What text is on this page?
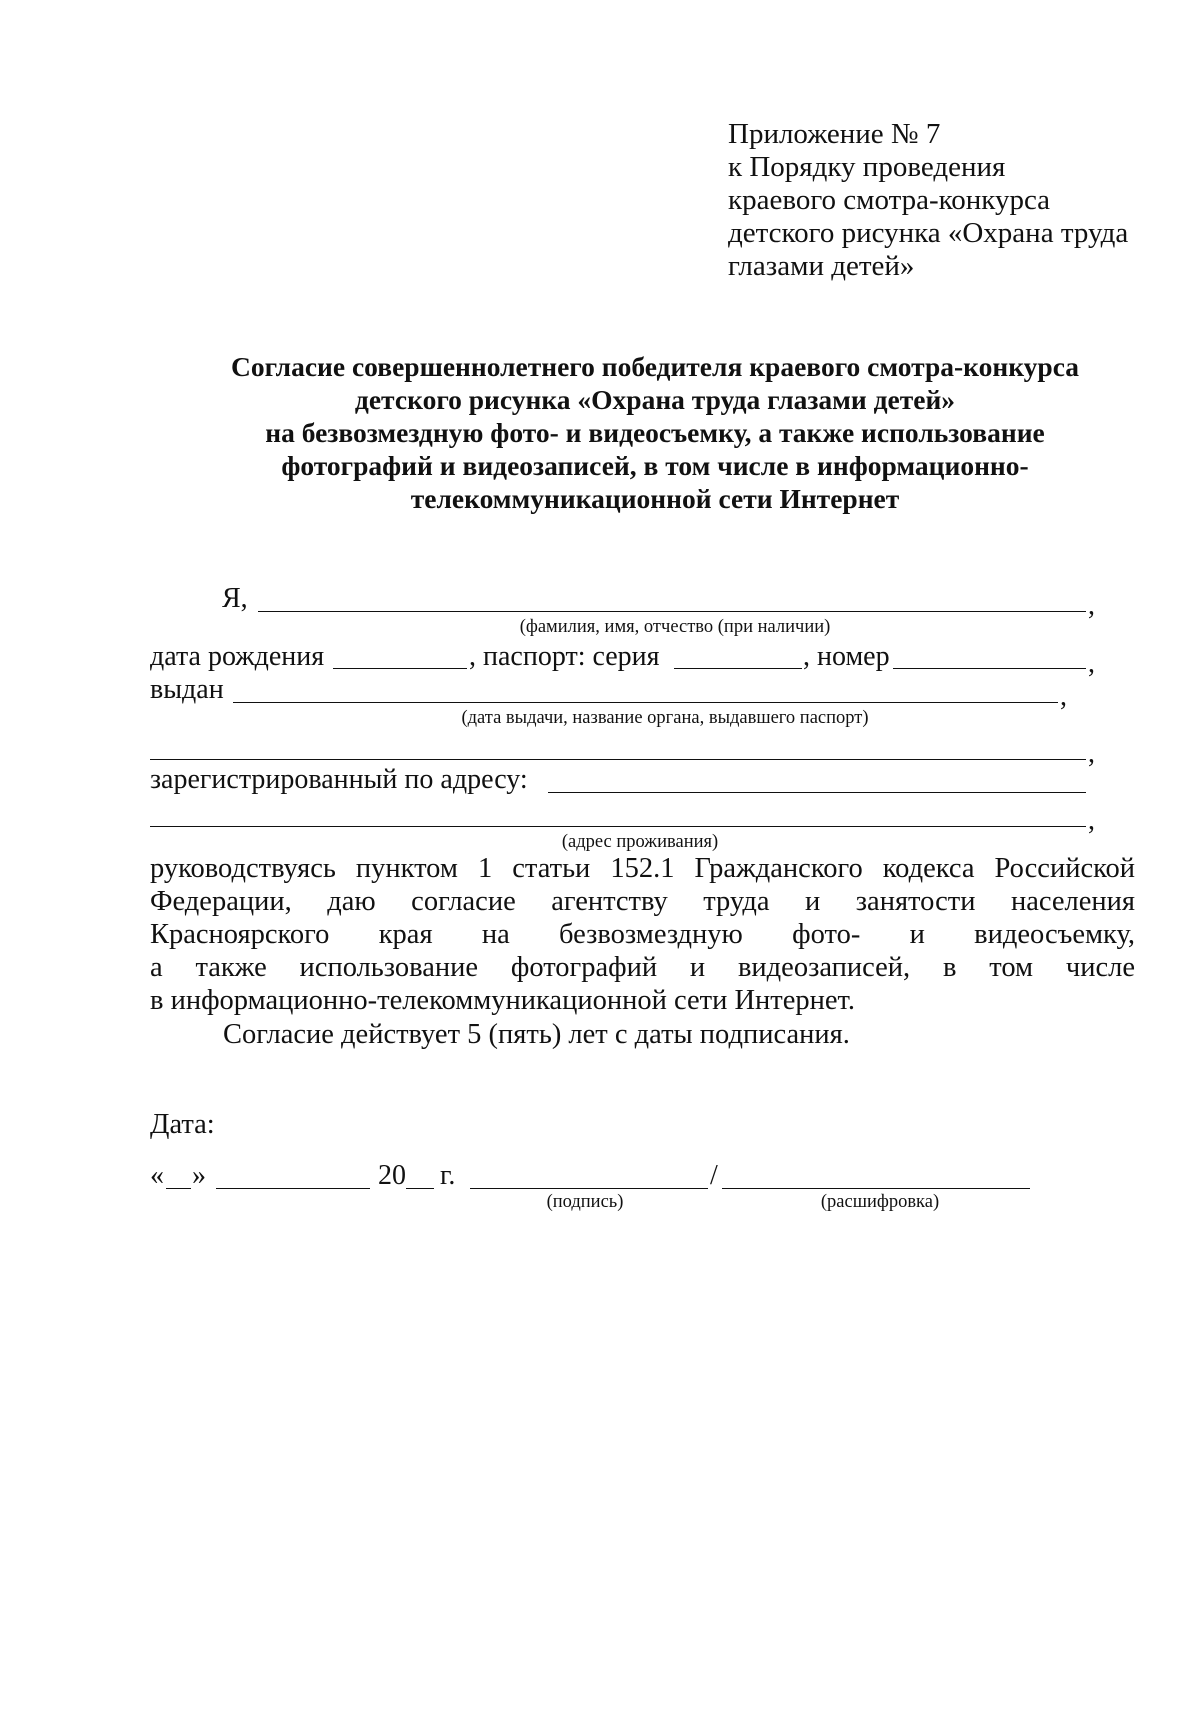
Приложение № 7
к Порядку проведения
краевого смотра-конкурса
детского рисунка «Охрана труда
глазами детей»
Согласие совершеннолетнего победителя краевого смотра-конкурса
детского рисунка «Охрана труда глазами детей»
на безвозмездную фото- и видеосъемку, а также использование
фотографий и видеозаписей, в том числе в информационно-
телекоммуникационной сети Интернет
Я,	,
(фамилия, имя, отчество (при наличии)
дата рождения	, паспорт: серия	, номер	,
выдан	,
(дата выдачи, название органа, выдавшего паспорт)
,
зарегистрированный по адресу:
,
(адрес проживания)
руководствуясь пунктом 1 статьи 152.1 Гражданского кодекса Российской
Федерации, даю согласие агентству труда и занятости населения
Красноярского края на безвозмездную фото- и видеосъемку,
а также использование фотографий и видеозаписей, в том числе
в информационно-телекоммуникационной сети Интернет.
Согласие действует 5 (пять) лет с даты подписания.
Дата:
« »	20 г.	/
(подпись)	(расшифровка)
